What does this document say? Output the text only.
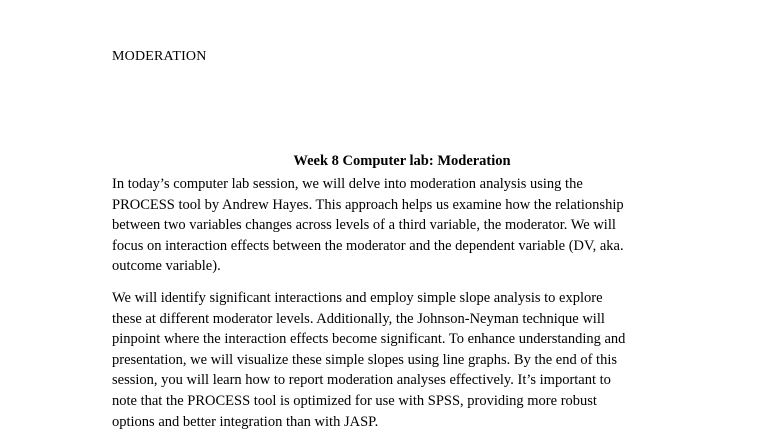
MODERATION
Week 8 Computer lab: Moderation
In today’s computer lab session, we will delve into moderation analysis using the
PROCESS tool by Andrew Hayes. This approach helps us examine how the relationship
between two variables changes across levels of a third variable, the moderator. We will
focus on interaction effects between the moderator and the dependent variable (DV, aka.
outcome variable).
We will identify significant interactions and employ simple slope analysis to explore
these at different moderator levels. Additionally, the Johnson-Neyman technique will
pinpoint where the interaction effects become significant. To enhance understanding and
presentation, we will visualize these simple slopes using line graphs. By the end of this
session, you will learn how to report moderation analyses effectively. It’s important to
note that the PROCESS tool is optimized for use with SPSS, providing more robust
options and better integration than with JASP.
